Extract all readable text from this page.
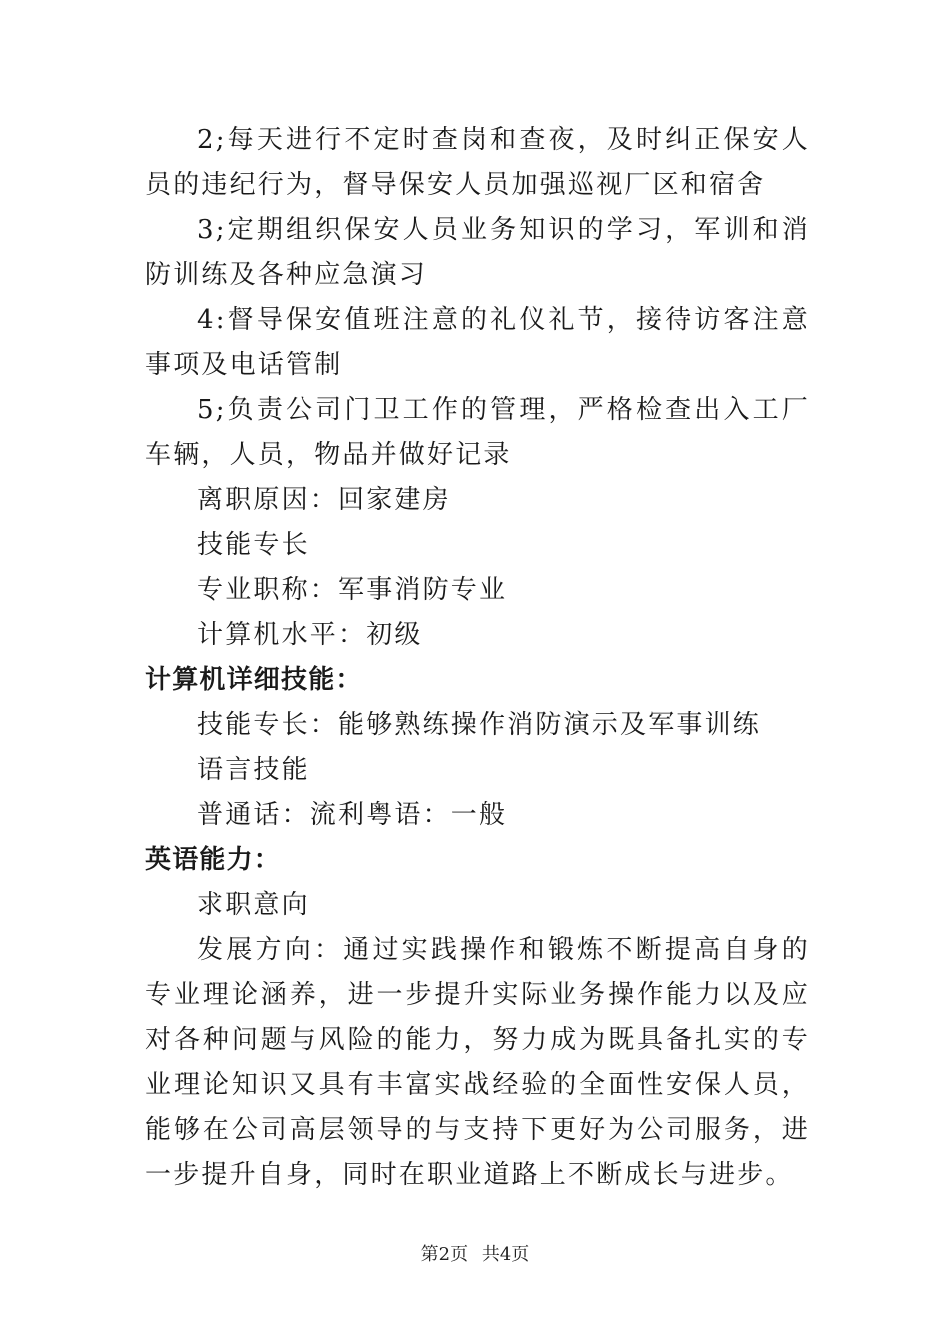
2;每天进行不定时查岗和查夜，及时纠正保安人员的违纪行为，督导保安人员加强巡视厂区和宿舍

3;定期组织保安人员业务知识的学习，军训和消防训练及各种应急演习

4:督导保安值班注意的礼仪礼节，接待访客注意事项及电话管制

5;负责公司门卫工作的管理，严格检查出入工厂车辆，人员，物品并做好记录

离职原因：回家建房

技能专长

专业职称：军事消防专业

计算机水平：初级

计算机详细技能：

技能专长：能够熟练操作消防演示及军事训练

语言技能

普通话：流利粤语：一般

英语能力：

求职意向

发展方向：通过实践操作和锻炼不断提高自身的专业理论涵养，进一步提升实际业务操作能力以及应对各种问题与风险的能力，努力成为既具备扎实的专业理论知识又具有丰富实战经验的全面性安保人员，能够在公司高层领导的与支持下更好为公司服务，进一步提升自身，同时在职业道路上不断成长与进步。

第2页 共4页
